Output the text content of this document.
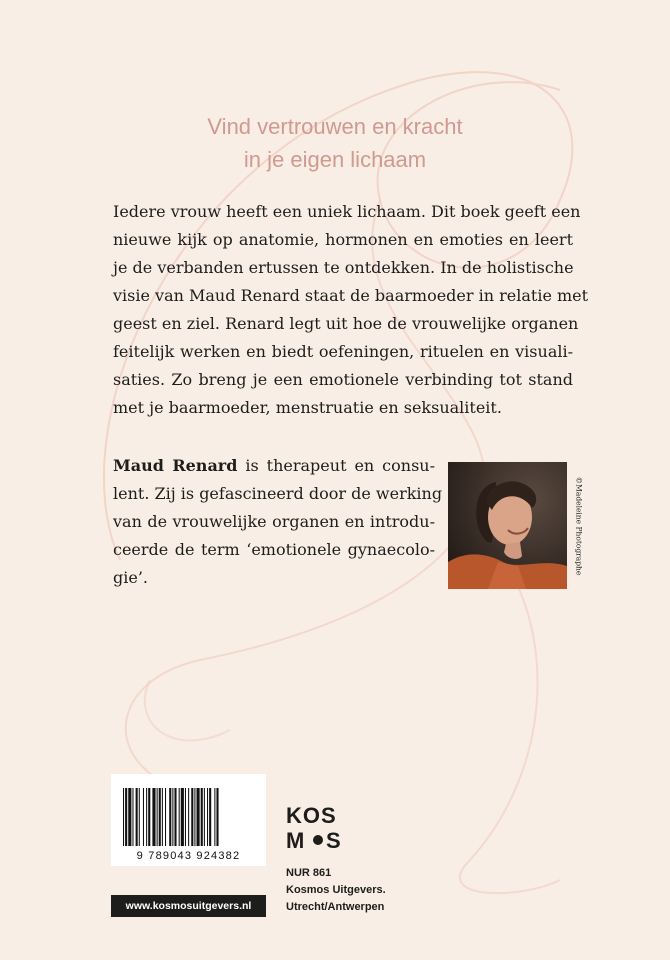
Vind vertrouwen en kracht
in je eigen lichaam
Iedere vrouw heeft een uniek lichaam. Dit boek geeft een
nieuwe kijk op anatomie, hormonen en emoties en leert
je de verbanden ertussen te ontdekken. In de holistische
visie van Maud Renard staat de baarmoeder in relatie met
geest en ziel. Renard legt uit hoe de vrouwelijke organen
feitelijk werken en biedt oefeningen, rituelen en visuali-
saties. Zo breng je een emotionele verbinding tot stand
met je baarmoeder, menstruatie en seksualiteit.
Maud Renard is therapeut en consu-
lent. Zij is gefascineerd door de werking
van de vrouwelijke organen en introdu-
ceerde de term ‘emotionele gynaecolo-
gie’.
©Madeleine Photographe
9 789043 924382
www.kosmosuitgevers.nl
KOS
M S
NUR 861
Kosmos Uitgevers.
Utrecht/Antwerpen
